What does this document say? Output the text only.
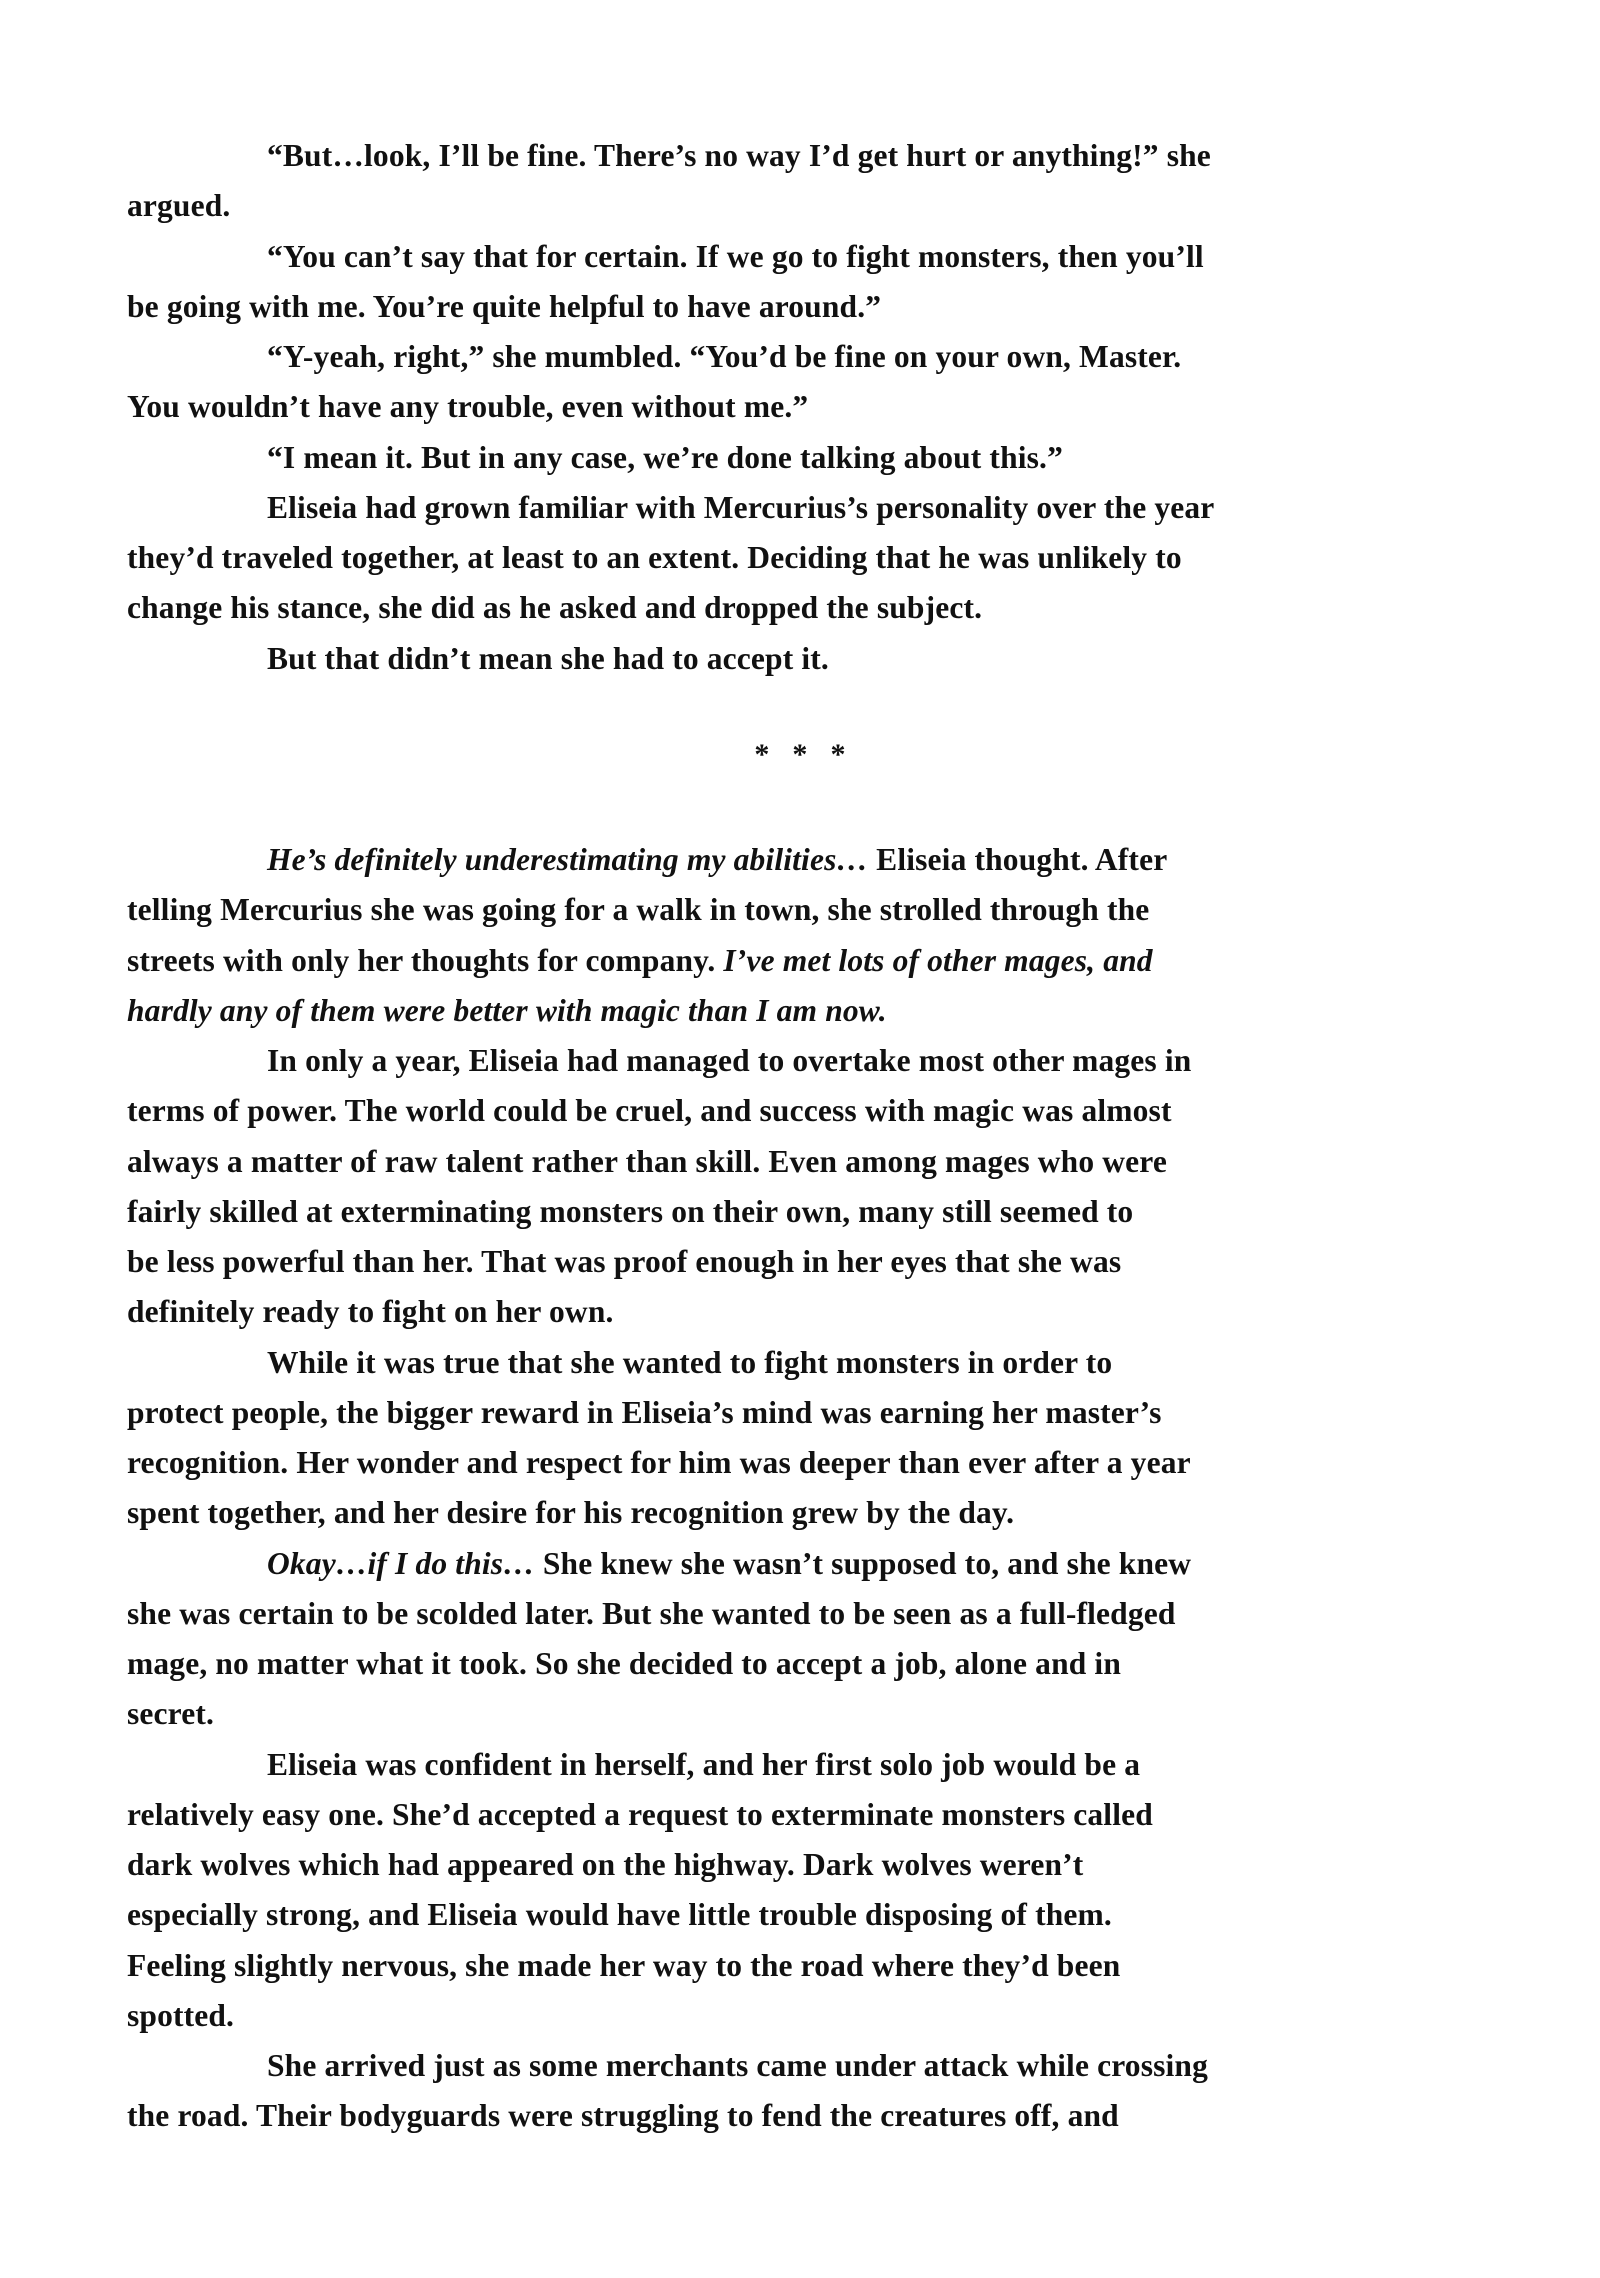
“But…look, I’ll be fine. There’s no way I’d get hurt or anything!” she
argued.
“You can’t say that for certain. If we go to fight monsters, then you’ll
be going with me. You’re quite helpful to have around.”
“Y-yeah, right,” she mumbled. “You’d be fine on your own, Master.
You wouldn’t have any trouble, even without me.”
“I mean it. But in any case, we’re done talking about this.”
Eliseia had grown familiar with Mercurius’s personality over the year
they’d traveled together, at least to an extent. Deciding that he was unlikely to
change his stance, she did as he asked and dropped the subject.
But that didn’t mean she had to accept it.
*   *   *
He’s definitely underestimating my abilities… Eliseia thought. After
telling Mercurius she was going for a walk in town, she strolled through the
streets with only her thoughts for company. I’ve met lots of other mages, and
hardly any of them were better with magic than I am now.
In only a year, Eliseia had managed to overtake most other mages in
terms of power. The world could be cruel, and success with magic was almost
always a matter of raw talent rather than skill. Even among mages who were
fairly skilled at exterminating monsters on their own, many still seemed to
be less powerful than her. That was proof enough in her eyes that she was
definitely ready to fight on her own.
While it was true that she wanted to fight monsters in order to
protect people, the bigger reward in Eliseia’s mind was earning her master’s
recognition. Her wonder and respect for him was deeper than ever after a year
spent together, and her desire for his recognition grew by the day.
Okay…if I do this… She knew she wasn’t supposed to, and she knew
she was certain to be scolded later. But she wanted to be seen as a full-fledged
mage, no matter what it took. So she decided to accept a job, alone and in
secret.
Eliseia was confident in herself, and her first solo job would be a
relatively easy one. She’d accepted a request to exterminate monsters called
dark wolves which had appeared on the highway. Dark wolves weren’t
especially strong, and Eliseia would have little trouble disposing of them.
Feeling slightly nervous, she made her way to the road where they’d been
spotted.
She arrived just as some merchants came under attack while crossing
the road. Their bodyguards were struggling to fend the creatures off, and
